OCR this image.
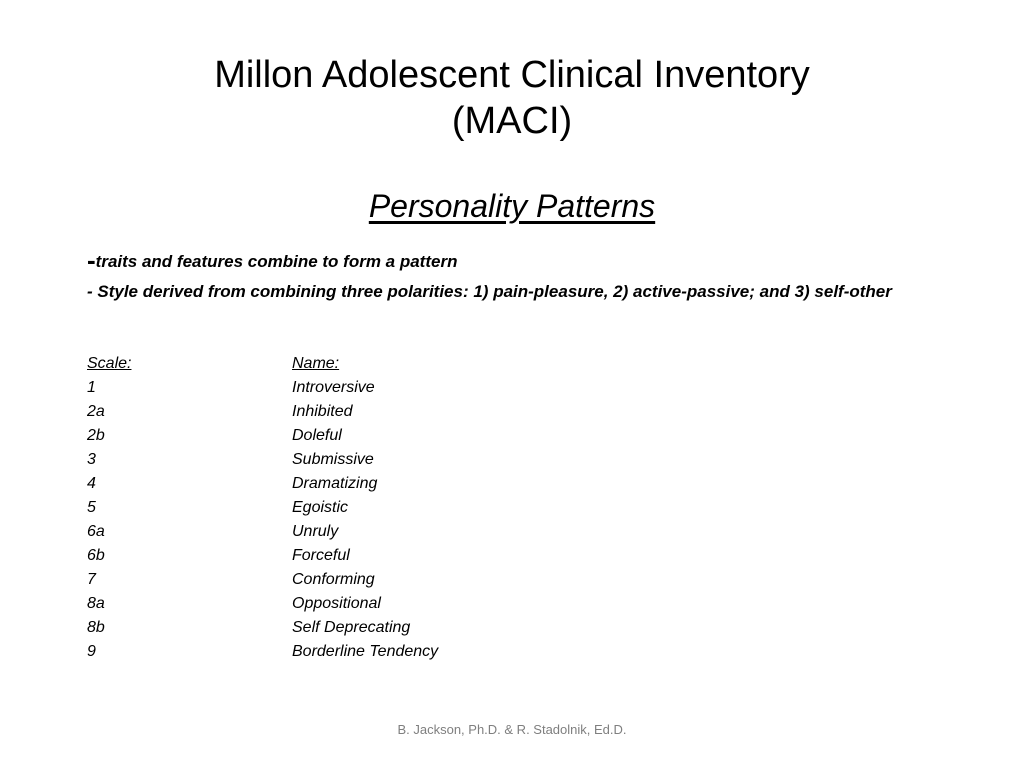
Millon Adolescent Clinical Inventory
(MACI)
Personality Patterns
-traits and features combine to form a pattern
- Style derived from combining three polarities: 1) pain-pleasure, 2) active-passive; and 3) self-other
Scale:	Name:
1	Introversive
2a	Inhibited
2b	Doleful
3	Submissive
4	Dramatizing
5	Egoistic
6a	Unruly
6b	Forceful
7	Conforming
8a	Oppositional
8b	Self Deprecating
9	Borderline Tendency
B. Jackson, Ph.D. & R. Stadolnik, Ed.D.
